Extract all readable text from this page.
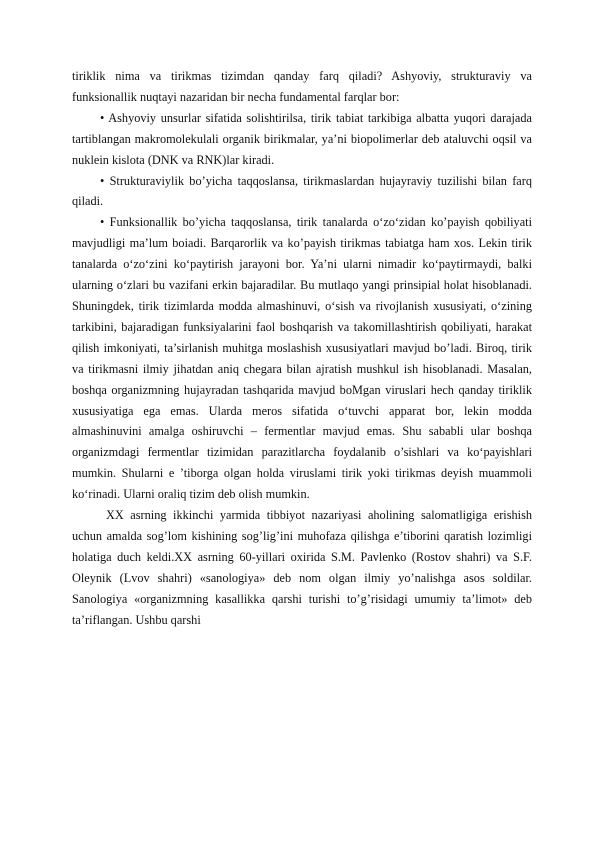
tiriklik nima va tirikmas tizimdan qanday farq qiladi? Ashyoviy, strukturaviy va funksionallik nuqtayi nazaridan bir necha fundamental farqlar bor:

• Ashyoviy unsurlar sifatida solishtirilsa, tirik tabiat tarkibiga albatta yuqori darajada tartiblangan makromolekulali organik birikmalar, ya’ni biopolimerlar deb ataluvchi oqsil va nuklein kislota (DNK va RNK)lar kiradi.

• Strukturaviylik bo’yicha taqqoslansa, tirikmaslardan hujayraviy tuzilishi bilan farq qiladi.

• Funksionallik bo’yicha taqqoslansa, tirik tanalarda o‘zo‘zidan ko’payish qobiliyati mavjudligi ma’lum boiadi. Barqarorlik va ko’payish tirikmas tabiatga ham xos. Lekin tirik tanalarda o‘zo‘zini ko‘paytirish jarayoni bor. Ya’ni ularni nimadir ko‘paytirmaydi, balki ularning o‘zlari bu vazifani erkin bajaradilar. Bu mutlaqo yangi prinsipial holat hisoblanadi. Shuningdek, tirik tizimlarda modda almashinuvi, o‘sish va rivojlanish xususiyati, o‘zining tarkibini, bajaradigan funksiyalarini faol boshqarish va takomillashtirish qobiliyati, harakat qilish imkoniyati, ta’sirlanish muhitga moslashish xususiyatlari mavjud bo’ladi. Biroq, tirik va tirikmasni ilmiy jihatdan aniq chegara bilan ajratish mushkul ish hisoblanadi. Masalan, boshqa organizmning hujayradan tashqarida mavjud boMgan viruslari hech qanday tiriklik xususiyatiga ega emas. Ularda meros sifatida o‘tuvchi apparat bor, lekin modda almashinuvini amalga oshiruvchi – fermentlar mavjud emas. Shu sababli ular boshqa organizmdagi fermentlar tizimidan parazitlarcha foydalanib o’sishlari va ko‘payishlari mumkin. Shularni e ’tiborga olgan holda viruslami tirik yoki tirikmas deyish muammoli ko‘rinadi. Ularni oraliq tizim deb olish mumkin.

XX asrning ikkinchi yarmida tibbiyot nazariyasi aholining salomatligiga erishish uchun amalda sog’lom kishining sog’lig’ini muhofaza qilishga e’tiborini qaratish lozimligi holatiga duch keldi.XX asrning 60-yillari oxirida S.M. Pavlenko (Rostov shahri) va S.F. Oleynik (Lvov shahri) «sanologiya» deb nom olgan ilmiy yo’nalishga asos soldilar. Sanologiya «organizmning kasallikka qarshi turishi to’g’risidagi umumiy ta’limot» deb ta’riflangan. Ushbu qarshi
